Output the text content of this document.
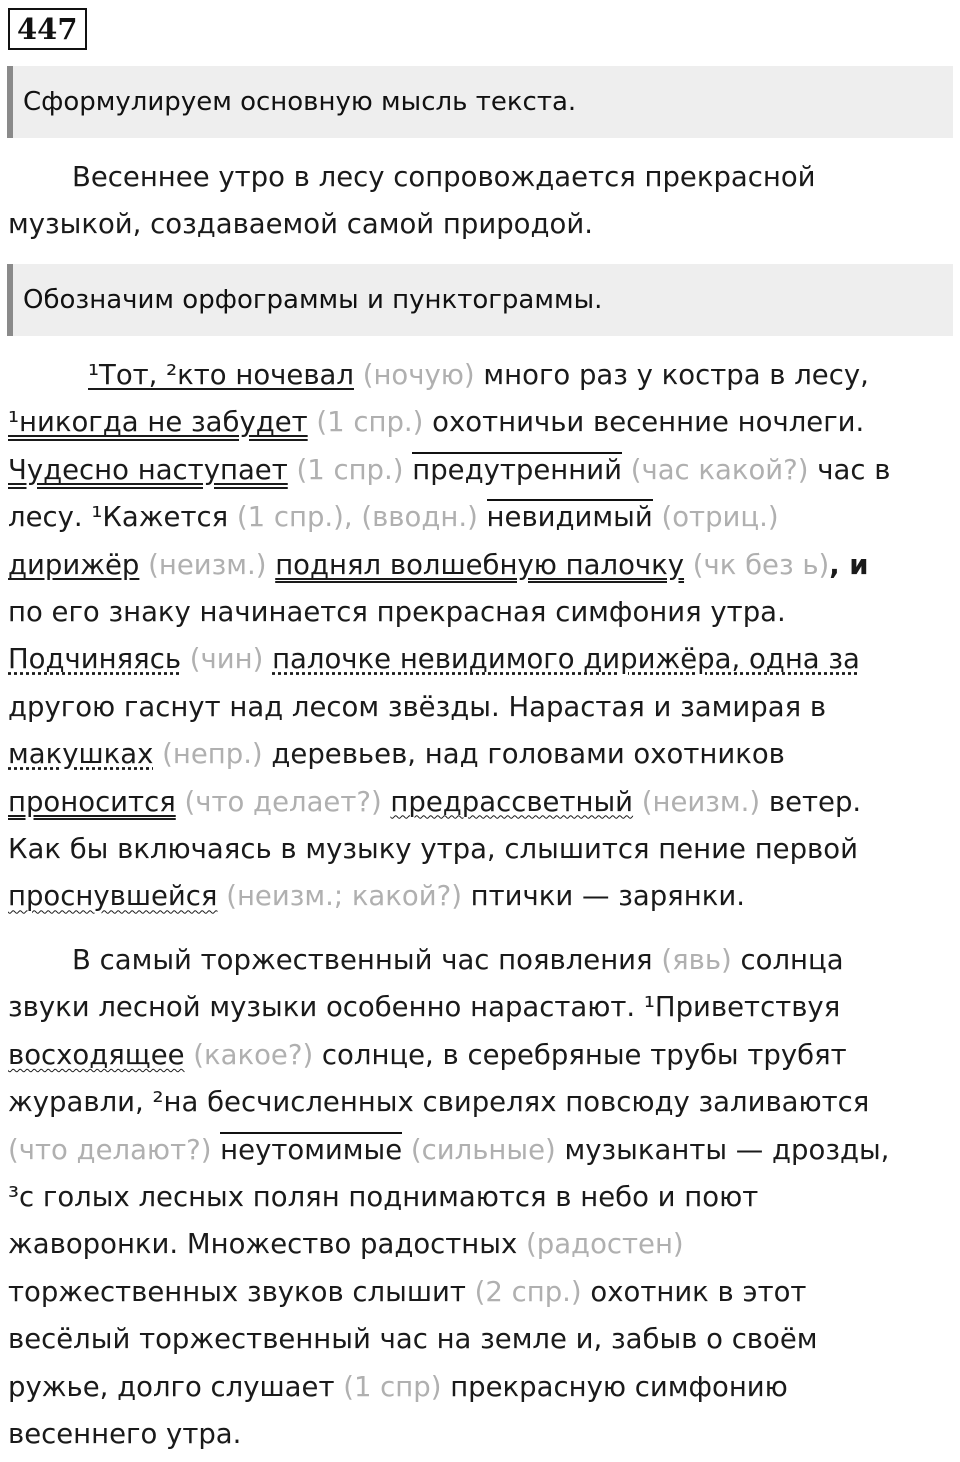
447
Сформулируем основную мысль текста.
Весеннее утро в лесу сопровождается прекрасной
музыкой, создаваемой самой природой.
Обозначим орфограммы и пунктограммы.
¹Тот, ²кто ночевал (ночую) много раз у костра в лесу,
¹никогда не забудет (1 спр.) охотничьи весенние ночлеги.
Чудесно наступает (1 спр.) предутренний (час какой?) час в
лесу. ¹Кажется (1 спр.), (вводн.) невидимый (отриц.)
дирижёр (неизм.) поднял волшебную палочку (чк без ь), и
по его знаку начинается прекрасная симфония утра.
Подчиняясь (чин) палочке невидимого дирижёра, одна за
другою гаснут над лесом звёзды. Нарастая и замирая в
макушках (непр.) деревьев, над головами охотников
проносится (что делает?) предрассветный (неизм.) ветер.
Как бы включаясь в музыку утра, слышится пение первой
проснувшейся (неизм.; какой?) птички — зарянки.
В самый торжественный час появления (явь) солнца
звуки лесной музыки особенно нарастают. ¹Приветствуя
восходящее (какое?) солнце, в серебряные трубы трубят
журавли, ²на бесчисленных свирелях повсюду заливаются
(что делают?) неутомимые (сильные) музыканты — дрозды,
³с голых лесных полян поднимаются в небо и поют
жаворонки. Множество радостных (радостен)
торжественных звуков слышит (2 спр.) охотник в этот
весёлый торжественный час на земле и, забыв о своём
ружье, долго слушает (1 спр) прекрасную симфонию
весеннего утра.
